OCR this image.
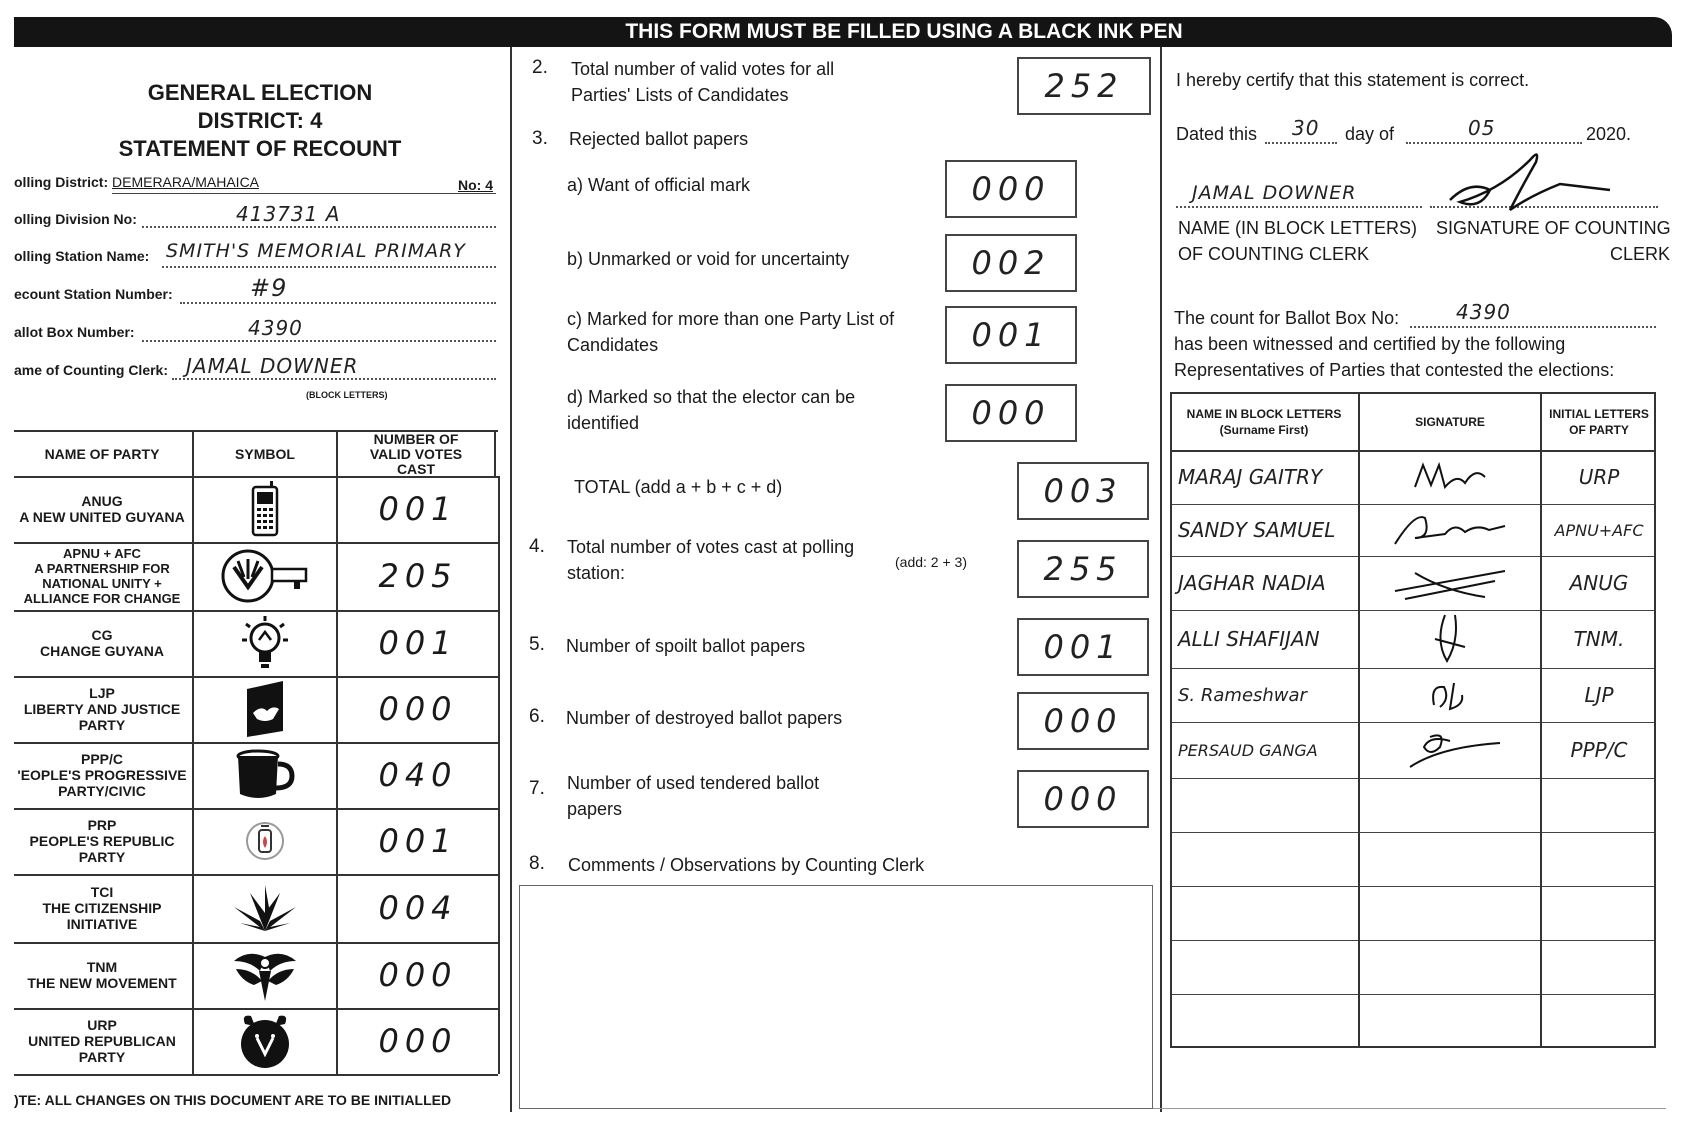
THIS FORM MUST BE FILLED USING A BLACK INK PEN
GENERAL ELECTION
DISTRICT: 4
STATEMENT OF RECOUNT
olling District: DEMERARA/MAHAICA	No: 4
olling Division No:	413731 A
olling Station Name: SMITH'S MEMORIAL PRIMARY
ecount Station Number:	#9
allot Box Number:	4390
ame of Counting Clerk: JAMAL DOWNER
(BLOCK LETTERS)
NAME OF PARTY	SYMBOL
NUMBER OF VALID VOTES CAST
ANUG
A NEW UNITED GUYANA	001
APNU + AFC
A PARTNERSHIP FOR NATIONAL UNITY + ALLIANCE FOR CHANGE
205
CG
CHANGE GUYANA	001
LJP
LIBERTY AND JUSTICE PARTY	000
PPP/C
'EOPLE'S PROGRESSIVE PARTY/CIVIC	040
PRP
PEOPLE'S REPUBLIC PARTY	001
TCI
THE CITIZENSHIP INITIATIVE	004
TNM
THE NEW MOVEMENT	000
URP
UNITED REPUBLICAN PARTY	000
)TE: ALL CHANGES ON THIS DOCUMENT ARE TO BE INITIALLED
2. Total number of valid votes for all Parties' Lists of Candidates	252
3. Rejected ballot papers
a) Want of official mark	000
b) Unmarked or void for uncertainty	002
c) Marked for more than one Party List of Candidates	001
d) Marked so that the elector can be identified	000
TOTAL (add a + b + c + d)	003
4. Total number of votes cast at polling station:
(add: 2 + 3)	255
5. Number of spoilt ballot papers	001
6. Number of destroyed ballot papers	000
7. Number of used tendered ballot papers	000
8. Comments / Observations by Counting Clerk
I hereby certify that this statement is correct.
Dated this 30 day of	05	2020.
JAMAL DOWNER
NAME (IN BLOCK LETTERS)
OF COUNTING CLERK
SIGNATURE OF COUNTING
CLERK
The count for Ballot Box No:	4390
has been witnessed and certified by the following
Representatives of Parties that contested the elections:
NAME IN BLOCK LETTERS
(Surname First)
SIGNATURE
INITIAL LETTERS
OF PARTY
MARAJ GAITRY	URP
SANDY SAMUEL	APNU+AFC
JAGHAR NADIA	ANUG
ALLI SHAFIJAN	TNM.
S. Rameshwar	LJP
PERSAUD GANGA	PPP/C
